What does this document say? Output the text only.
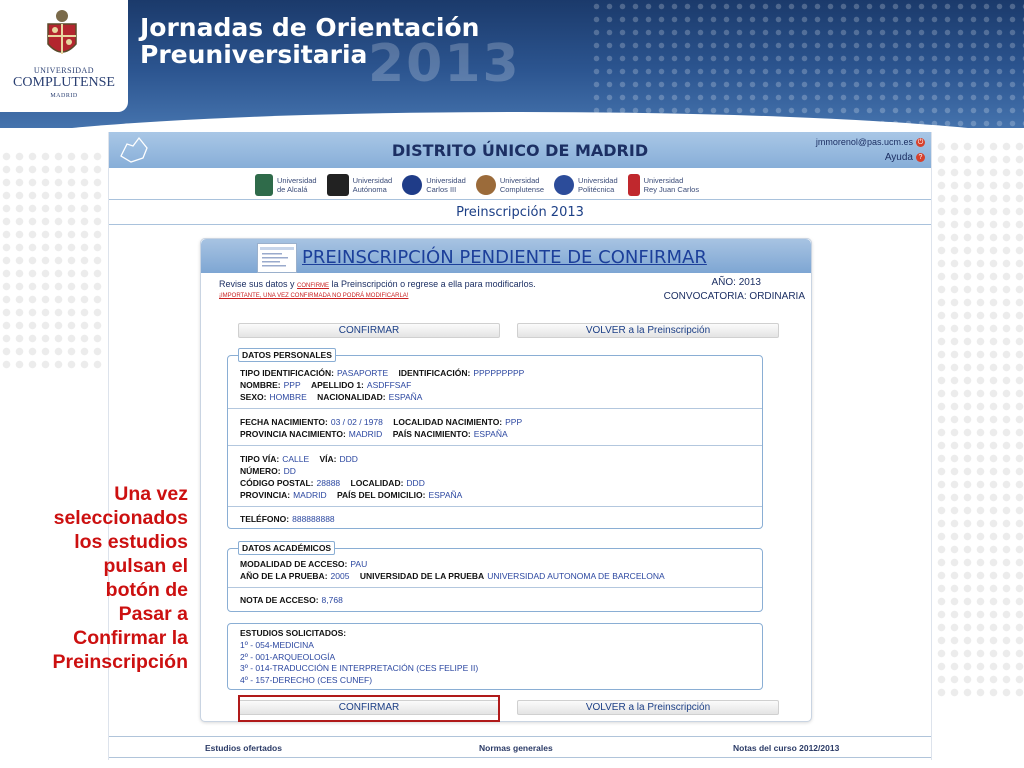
2013
Jornadas de Orientación
Preuniversitaria
UNIVERSIDAD
COMPLUTENSE
MADRID
DISTRITO ÚNICO DE MADRID	jmmorenol@pas.ucm.es ⏻
Ayuda ?
Universidad
de Alcalá
Universidad
Autónoma
Universidad
Carlos III
Universidad
Complutense
Universidad
Politécnica
Universidad
Rey Juan Carlos
Preinscripción 2013
PREINSCRIPCIÓN PENDIENTE DE CONFIRMAR
Revise sus datos y CONFIRME la Preinscripción o regrese a ella para modificarlos.
¡IMPORTANTE, UNA VEZ CONFIRMADA NO PODRÁ MODIFICARLA!
AÑO: 2013
CONVOCATORIA: ORDINARIA
CONFIRMAR	VOLVER a la Preinscripción
DATOS PERSONALES
TIPO IDENTIFICACIÓN: PASAPORTE IDENTIFICACIÓN: PPPPPPPPP
NOMBRE: PPP APELLIDO 1: ASDFFSAF
SEXO: HOMBRE NACIONALIDAD: ESPAÑA
FECHA NACIMIENTO: 03 / 02 / 1978 LOCALIDAD NACIMIENTO: PPP
PROVINCIA NACIMIENTO: MADRID PAÍS NACIMIENTO: ESPAÑA
TIPO VÍA: CALLE VÍA: DDD
NÚMERO: DD
CÓDIGO POSTAL: 28888 LOCALIDAD: DDD
PROVINCIA: MADRID PAÍS DEL DOMICILIO: ESPAÑA
TELÉFONO: 888888888
DATOS ACADÉMICOS
MODALIDAD DE ACCESO: PAU
AÑO DE LA PRUEBA: 2005 UNIVERSIDAD DE LA PRUEBA UNIVERSIDAD AUTONOMA DE BARCELONA
NOTA DE ACCESO: 8,768
ESTUDIOS SOLICITADOS:
1º - 054-MEDICINA
2º - 001-ARQUEOLOGÍA
3º - 014-TRADUCCIÓN E INTERPRETACIÓN (CES FELIPE II)
4º - 157-DERECHO (CES CUNEF)
CONFIRMAR	VOLVER a la Preinscripción
Estudios ofertados	Normas generales	Notas del curso 2012/2013
Una vez
seleccionados
los estudios
pulsan el
botón de
Pasar a
Confirmar la
Preinscripción
